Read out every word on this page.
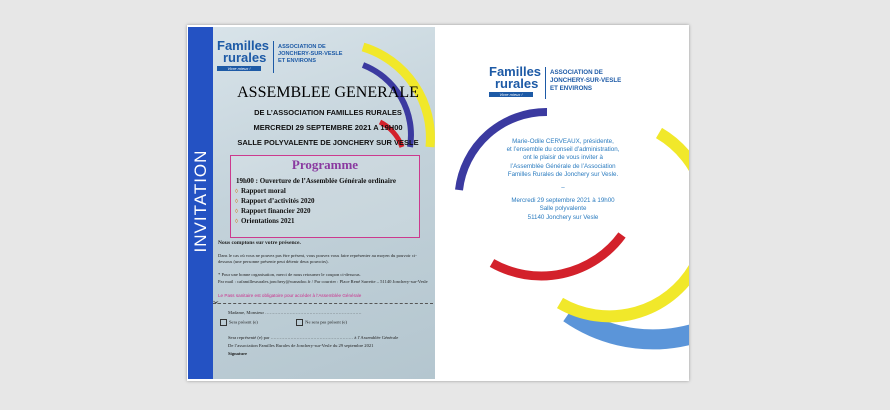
INVITATION
Familles
rurales
Vivre mieux !
ASSOCIATION DE
JONCHERY-SUR-VESLE
ET ENVIRONS
ASSEMBLEE GENERALE
DE L’ASSOCIATION FAMILLES RURALES
MERCREDI 29 SEPTEMBRE 2021 A 19H00
SALLE POLYVALENTE DE JONCHERY SUR VESLE
Programme
19h00 : Ouverture de l’Assemblée Générale ordinaire
◊ Rapport moral
◊ Rapport d’activités 2020
◊ Rapport financier 2020
◊ Orientations 2021
Nous comptons sur votre présence.
Dans le cas où vous ne pouvez pas être présent, vous pouvez vous faire représenter au moyen du pouvoir ci-dessous (une personne présente peut détenir deux pouvoirs).
* Pour une bonne organisation, merci de nous retourner le coupon ci-dessous.
Par mail : cafamillesrurales.jonchery@wanadoo.fr / Par courrier : Place René Sarrette – 51140 Jonchery-sur-Vesle
Le Pass sanitaire est obligatoire pour accéder à l’Assemblée Générale
✂
Madame, Monsieur ………………………………………………………
Sera présent (e)	Ne sera pas présent (e)
Sera représenté (e) par ……………………………………………… à l’Assemblée Générale
De l’association Familles Rurales de Jonchery-sur-Vesle du 29 septembre 2021
Signature
Familles
rurales
Vivre mieux !
ASSOCIATION DE
JONCHERY-SUR-VESLE
ET ENVIRONS
Marie-Odile CERVEAUX, présidente,
et l’ensemble du conseil d’administration,
ont le plaisir de vous inviter à
l’Assemblée Générale de l’Association
Familles Rurales de Jonchery sur Vesle.
–
Mercredi 29 septembre 2021 à 19h00
Salle polyvalente
51140 Jonchery sur Vesle
